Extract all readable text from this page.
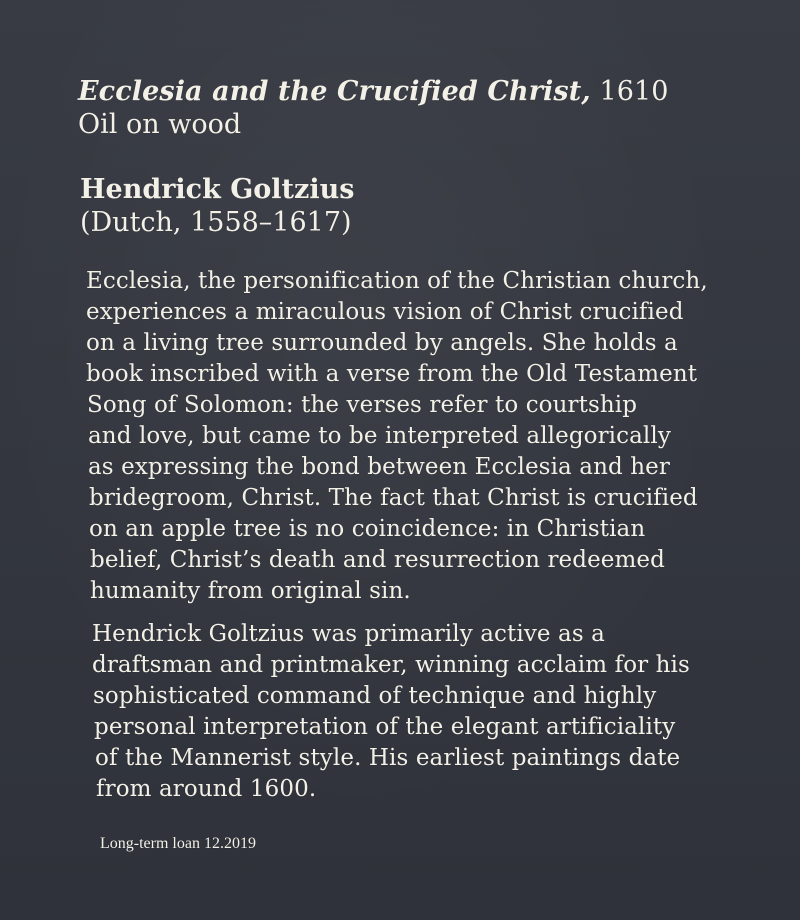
Ecclesia and the Crucified Christ, 1610
Oil on wood
Hendrick Goltzius
(Dutch, 1558–1617)
Ecclesia, the personification of the Christian church,
experiences a miraculous vision of Christ crucified
on a living tree surrounded by angels. She holds a
book inscribed with a verse from the Old Testament
Song of Solomon: the verses refer to courtship
and love, but came to be interpreted allegorically
as expressing the bond between Ecclesia and her
bridegroom, Christ. The fact that Christ is crucified
on an apple tree is no coincidence: in Christian
belief, Christ’s death and resurrection redeemed
humanity from original sin.
Hendrick Goltzius was primarily active as a
draftsman and printmaker, winning acclaim for his
sophisticated command of technique and highly
personal interpretation of the elegant artificiality
of the Mannerist style. His earliest paintings date
from around 1600.
Long-term loan 12.2019
